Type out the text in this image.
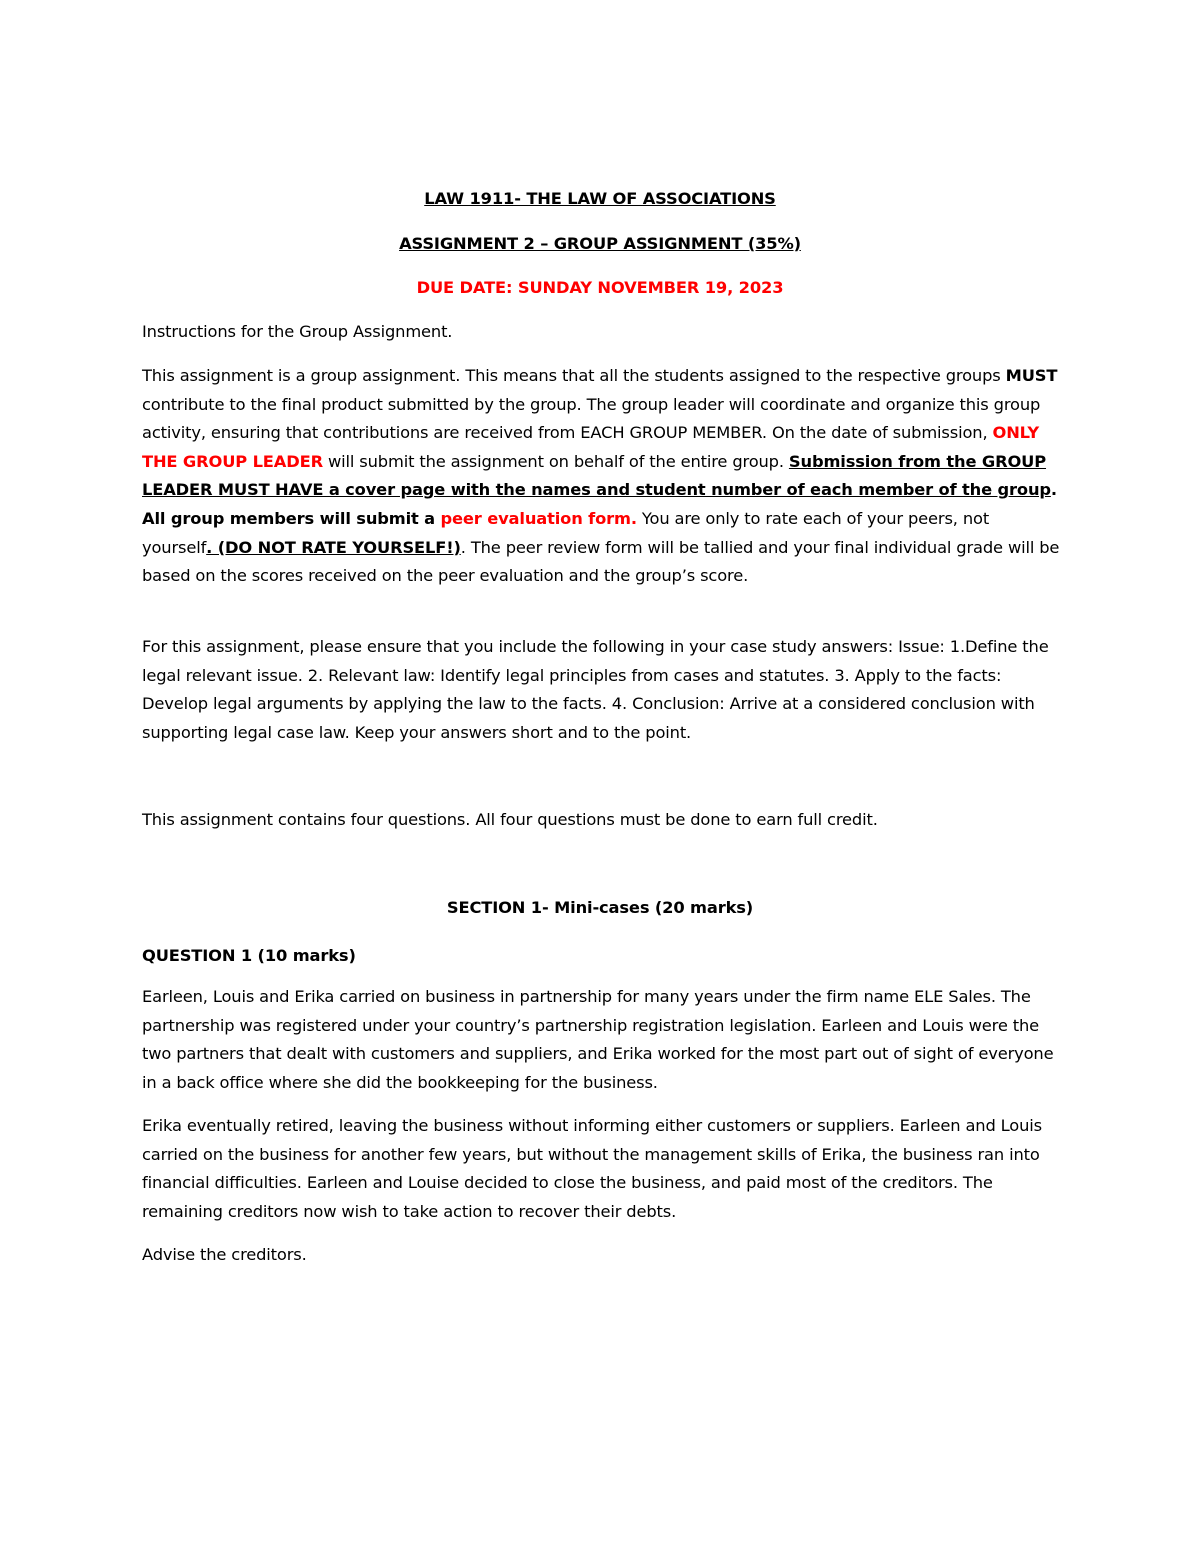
LAW 1911- THE LAW OF ASSOCIATIONS

ASSIGNMENT 2 – GROUP ASSIGNMENT (35%)

DUE DATE: SUNDAY NOVEMBER 19, 2023

Instructions for the Group Assignment.

This assignment is a group assignment. This means that all the students assigned to the respective groups MUST contribute to the final product submitted by the group. The group leader will coordinate and organize this group activity, ensuring that contributions are received from EACH GROUP MEMBER. On the date of submission, ONLY THE GROUP LEADER will submit the assignment on behalf of the entire group. Submission from the GROUP LEADER MUST HAVE a cover page with the names and student number of each member of the group. All group members will submit a peer evaluation form. You are only to rate each of your peers, not yourself. (DO NOT RATE YOURSELF!). The peer review form will be tallied and your final individual grade will be based on the scores received on the peer evaluation and the group’s score.

For this assignment, please ensure that you include the following in your case study answers: Issue: 1.Define the legal relevant issue. 2. Relevant law: Identify legal principles from cases and statutes. 3. Apply to the facts: Develop legal arguments by applying the law to the facts. 4. Conclusion: Arrive at a considered conclusion with supporting legal case law. Keep your answers short and to the point.

This assignment contains four questions. All four questions must be done to earn full credit.

SECTION 1- Mini-cases (20 marks)

QUESTION 1 (10 marks)

Earleen, Louis and Erika carried on business in partnership for many years under the firm name ELE Sales. The partnership was registered under your country’s partnership registration legislation. Earleen and Louis were the two partners that dealt with customers and suppliers, and Erika worked for the most part out of sight of everyone in a back office where she did the bookkeeping for the business.

Erika eventually retired, leaving the business without informing either customers or suppliers. Earleen and Louis carried on the business for another few years, but without the management skills of Erika, the business ran into financial difficulties. Earleen and Louise decided to close the business, and paid most of the creditors. The remaining creditors now wish to take action to recover their debts.

Advise the creditors.
